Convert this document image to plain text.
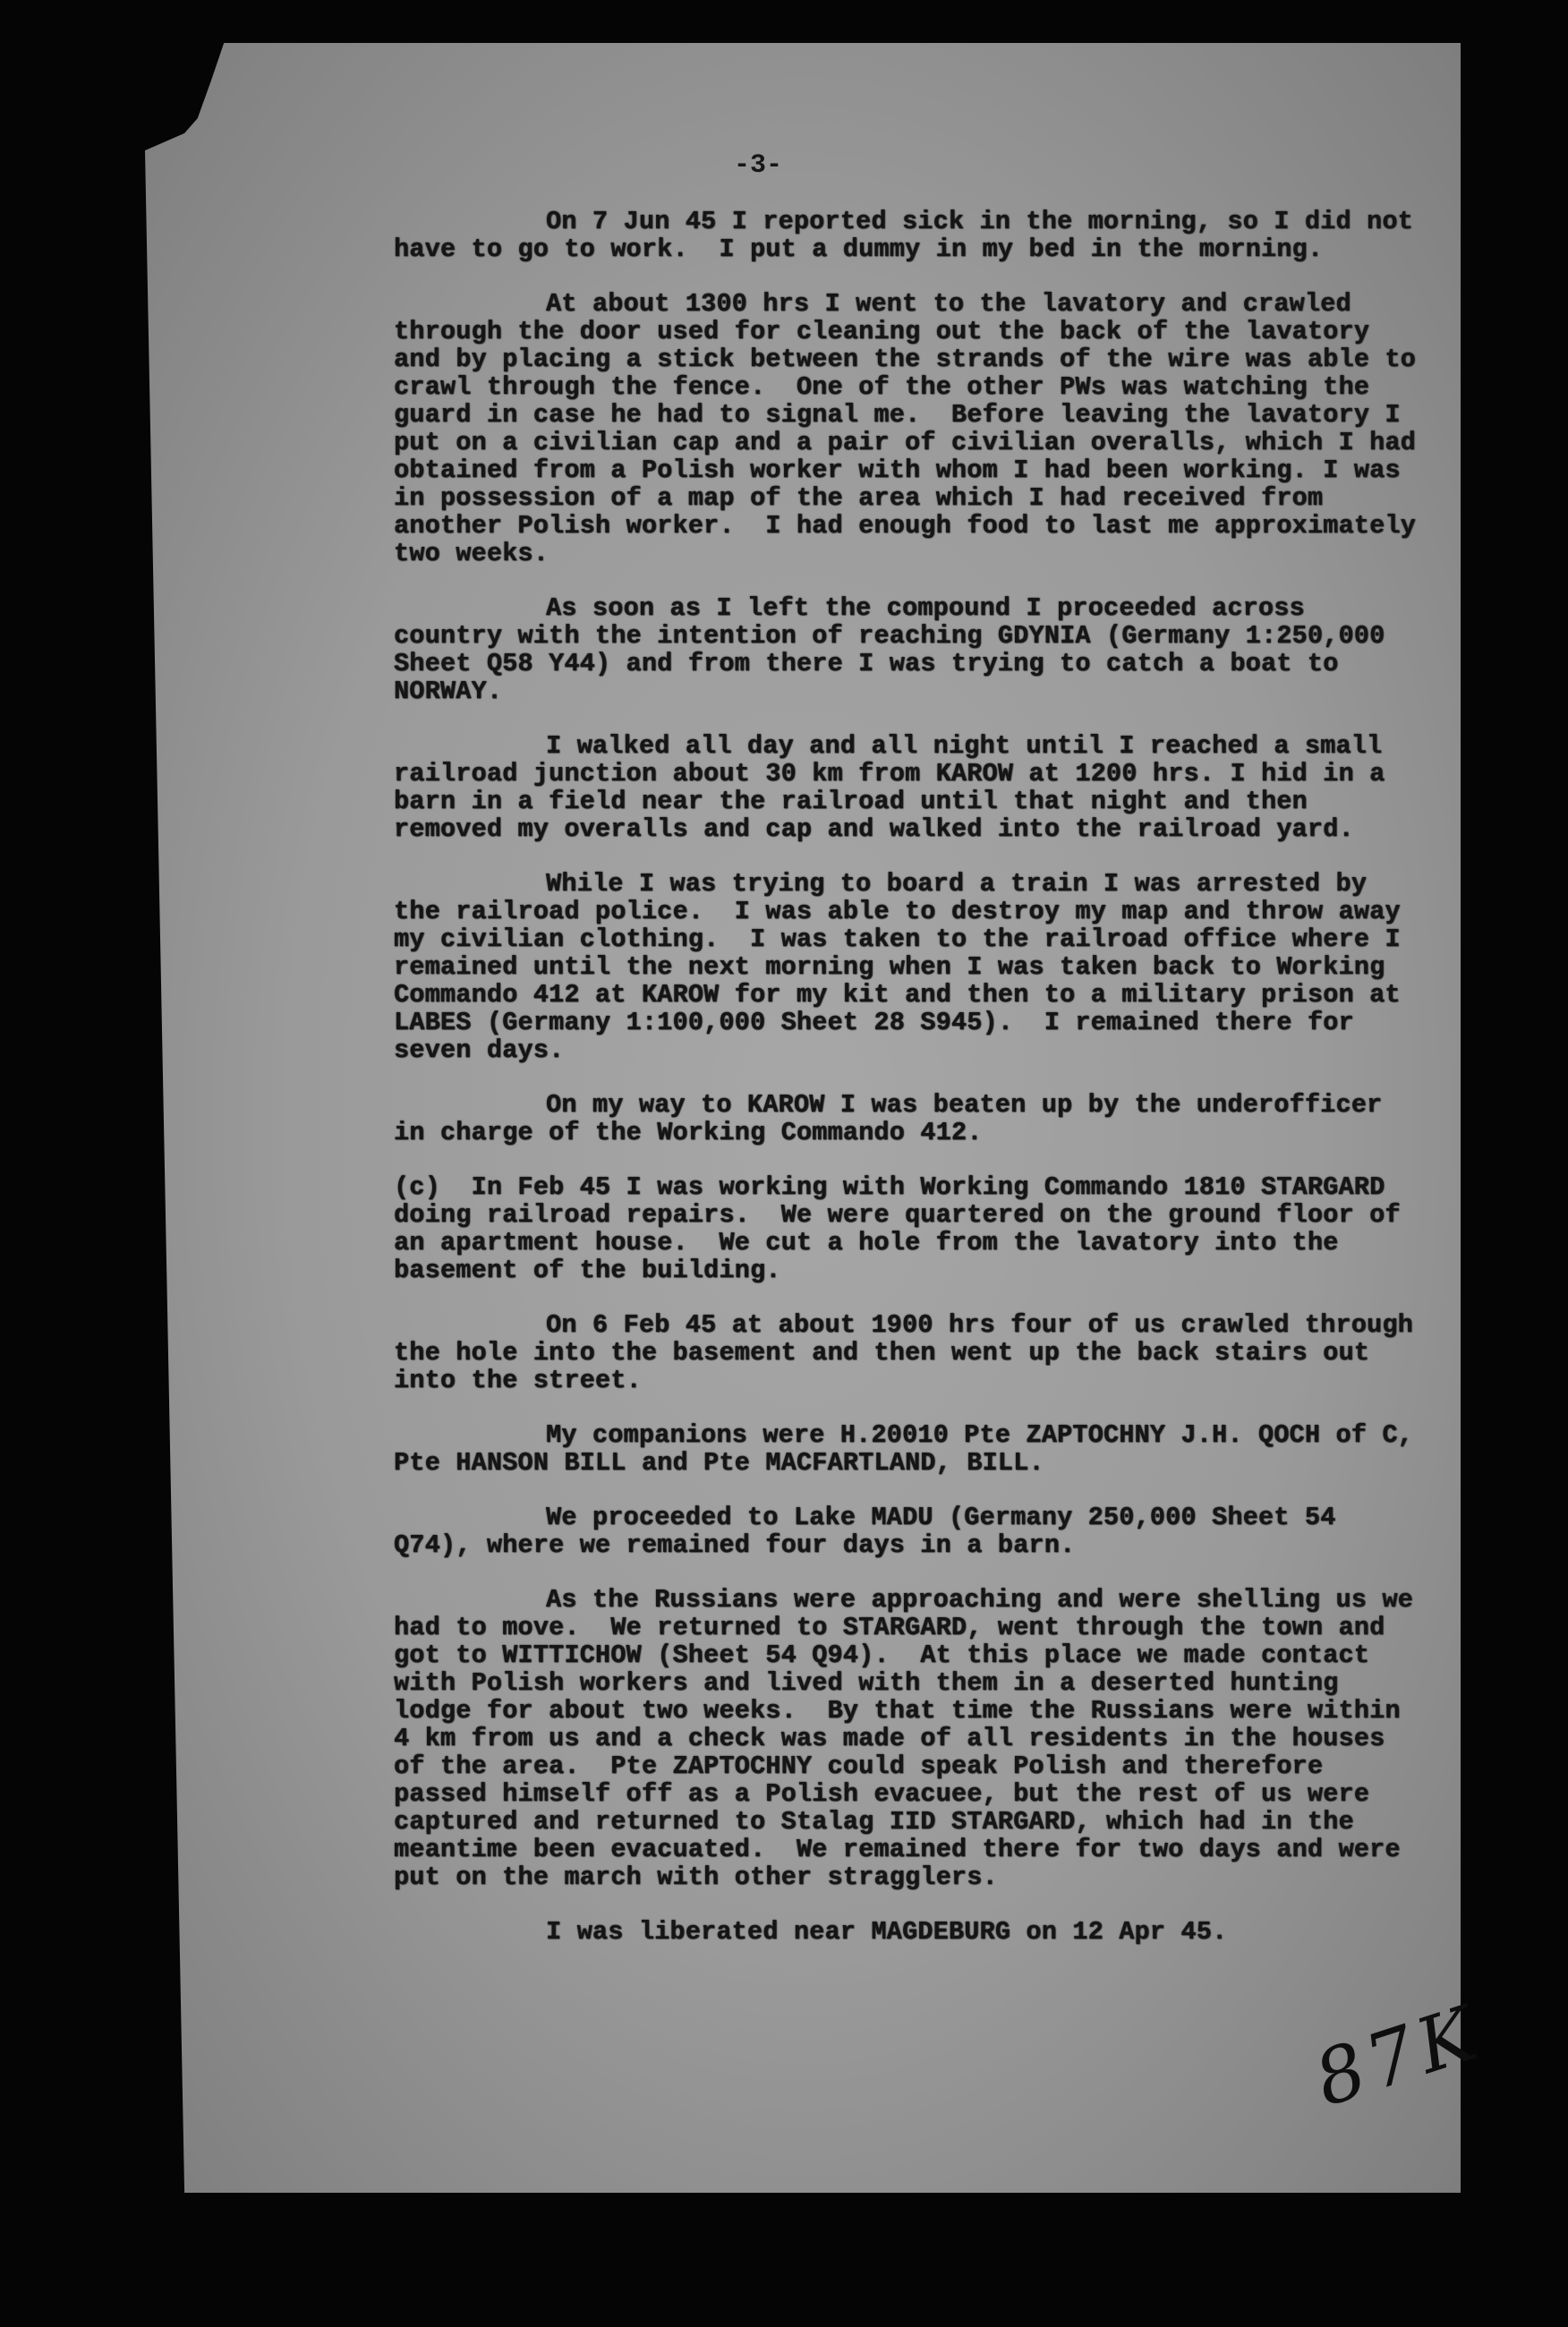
-3-

On 7 Jun 45 I reported sick in the morning, so I did not have to go to work.  I put a dummy in my bed in the morning.

At about 1300 hrs I went to the lavatory and crawled through the door used for cleaning out the back of the lavatory and by placing a stick between the strands of the wire was able to crawl through the fence.  One of the other PWs was watching the guard in case he had to signal me.  Before leaving the lavatory I put on a civilian cap and a pair of civilian overalls, which I had obtained from a Polish worker with whom I had been working. I was in possession of a map of the area which I had received from another Polish worker.  I had enough food to last me approximately two weeks.

As soon as I left the compound I proceeded across country with the intention of reaching GDYNIA (Germany 1:250,000 Sheet Q58 Y44) and from there I was trying to catch a boat to NORWAY.

I walked all day and all night until I reached a small railroad junction about 30 km from KAROW at 1200 hrs. I hid in a barn in a field near the railroad until that night and then removed my overalls and cap and walked into the railroad yard.

While I was trying to board a train I was arrested by the railroad police.  I was able to destroy my map and throw away my civilian clothing.  I was taken to the railroad office where I remained until the next morning when I was taken back to Working Commando 412 at KAROW for my kit and then to a military prison at LABES (Germany 1:100,000 Sheet 28 S945).  I remained there for seven days.

On my way to KAROW I was beaten up by the underofficer in charge of the Working Commando 412.

(c)  In Feb 45 I was working with Working Commando 1810 STARGARD doing railroad repairs.  We were quartered on the ground floor of an apartment house.  We cut a hole from the lavatory into the basement of the building.

On 6 Feb 45 at about 1900 hrs four of us crawled through the hole into the basement and then went up the back stairs out into the street.

My companions were H.20010 Pte ZAPTOCHNY J.H. QOCH of C, Pte HANSON BILL and Pte MACFARTLAND, BILL.

We proceeded to Lake MADU (Germany 250,000 Sheet 54 Q74), where we remained four days in a barn.

As the Russians were approaching and were shelling us we had to move.  We returned to STARGARD, went through the town and got to WITTICHOW (Sheet 54 Q94).  At this place we made contact with Polish workers and lived with them in a deserted hunting lodge for about two weeks.  By that time the Russians were within 4 km from us and a check was made of all residents in the houses of the area.  Pte ZAPTOCHNY could speak Polish and therefore passed himself off as a Polish evacuee, but the rest of us were captured and returned to Stalag IID STARGARD, which had in the meantime been evacuated.  We remained there for two days and were put on the march with other stragglers.

I was liberated near MAGDEBURG on 12 Apr 45.

87K
